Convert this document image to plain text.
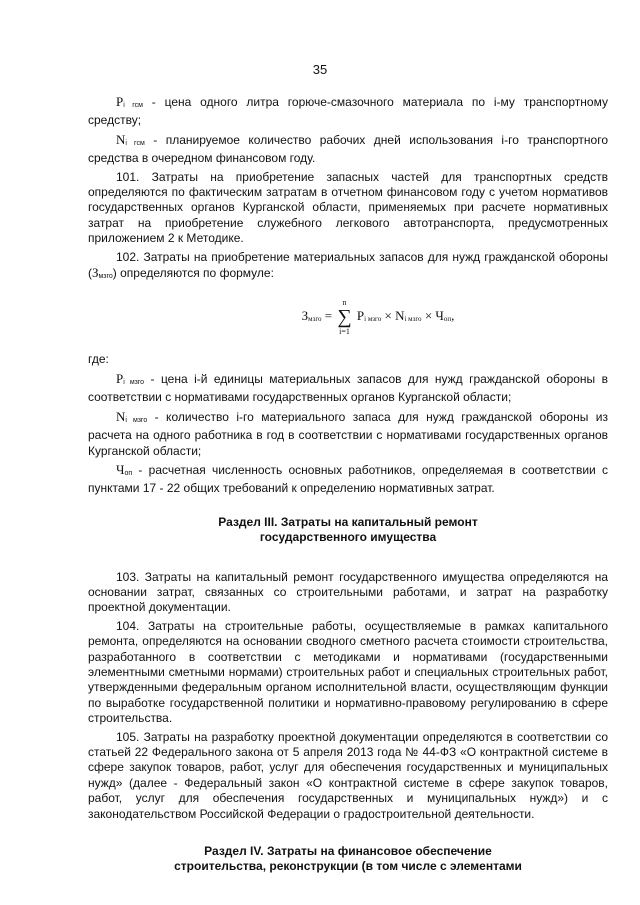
35

Pi гсм - цена одного литра горюче-смазочного материала по i-му транспортному средству;

Ni гсм - планируемое количество рабочих дней использования i-го транспортного средства в очередном финансовом году.

101. Затраты на приобретение запасных частей для транспортных средств определяются по фактическим затратам в отчетном финансовом году с учетом нормативов государственных органов Курганской области, применяемых при расчете нормативных затрат на приобретение служебного легкового автотранспорта, предусмотренных приложением 2 к Методике.

102. Затраты на приобретение материальных запасов для нужд гражданской обороны (Змзго) определяются по формуле:

Змзго = n
∑
i=1 Pi мзго × Ni мзго × Чоп,

где:

Pi мзго - цена i-й единицы материальных запасов для нужд гражданской обороны в соответствии с нормативами государственных органов Курганской области;

Ni мзго - количество i-го материального запаса для нужд гражданской обороны из расчета на одного работника в год в соответствии с нормативами государственных органов Курганской области;

Чоп - расчетная численность основных работников, определяемая в соответствии с пунктами 17 - 22 общих требований к определению нормативных затрат.

Раздел III. Затраты на капитальный ремонт
государственного имущества

103. Затраты на капитальный ремонт государственного имущества определяются на основании затрат, связанных со строительными работами, и затрат на разработку проектной документации.

104. Затраты на строительные работы, осуществляемые в рамках капитального ремонта, определяются на основании сводного сметного расчета стоимости строительства, разработанного в соответствии с методиками и нормативами (государственными элементными сметными нормами) строительных работ и специальных строительных работ, утвержденными федеральным органом исполнительной власти, осуществляющим функции по выработке государственной политики и нормативно-правовому регулированию в сфере строительства.

105. Затраты на разработку проектной документации определяются в соответствии со статьей 22 Федерального закона от 5 апреля 2013 года № 44-ФЗ «О контрактной системе в сфере закупок товаров, работ, услуг для обеспечения государственных и муниципальных нужд» (далее - Федеральный закон «О контрактной системе в сфере закупок товаров, работ, услуг для обеспечения государственных и муниципальных нужд») и с законодательством Российской Федерации о градостроительной деятельности.

Раздел IV. Затраты на финансовое обеспечение
строительства, реконструкции (в том числе с элементами
